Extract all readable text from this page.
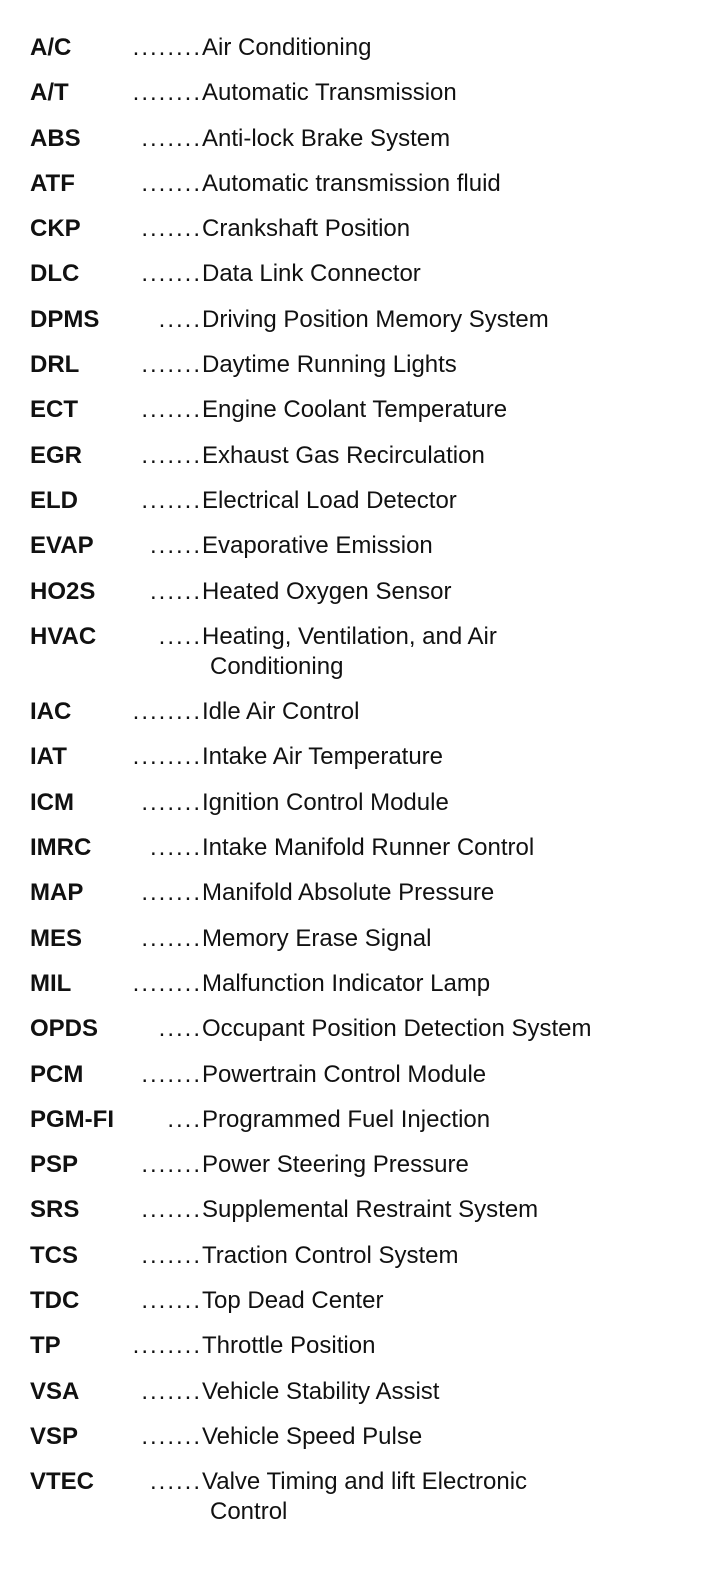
A/C	........ Air Conditioning
A/T	........ Automatic Transmission
ABS	....... Anti-lock Brake System
ATF	....... Automatic transmission fluid
CKP	....... Crankshaft Position
DLC	....... Data Link Connector
DPMS	..... Driving Position Memory System
DRL	....... Daytime Running Lights
ECT	....... Engine Coolant Temperature
EGR	....... Exhaust Gas Recirculation
ELD	....... Electrical Load Detector
EVAP	...... Evaporative Emission
HO2S	...... Heated Oxygen Sensor
HVAC	..... Heating, Ventilation, and Air
Conditioning
IAC	........ Idle Air Control
IAT	........ Intake Air Temperature
ICM	....... Ignition Control Module
IMRC	...... Intake Manifold Runner Control
MAP	....... Manifold Absolute Pressure
MES	....... Memory Erase Signal
MIL	........ Malfunction Indicator Lamp
OPDS	..... Occupant Position Detection System
PCM	....... Powertrain Control Module
PGM-FI	.... Programmed Fuel Injection
PSP	....... Power Steering Pressure
SRS	....... Supplemental Restraint System
TCS	....... Traction Control System
TDC	....... Top Dead Center
TP	........ Throttle Position
VSA	....... Vehicle Stability Assist
VSP	....... Vehicle Speed Pulse
VTEC	...... Valve Timing and lift Electronic
Control
